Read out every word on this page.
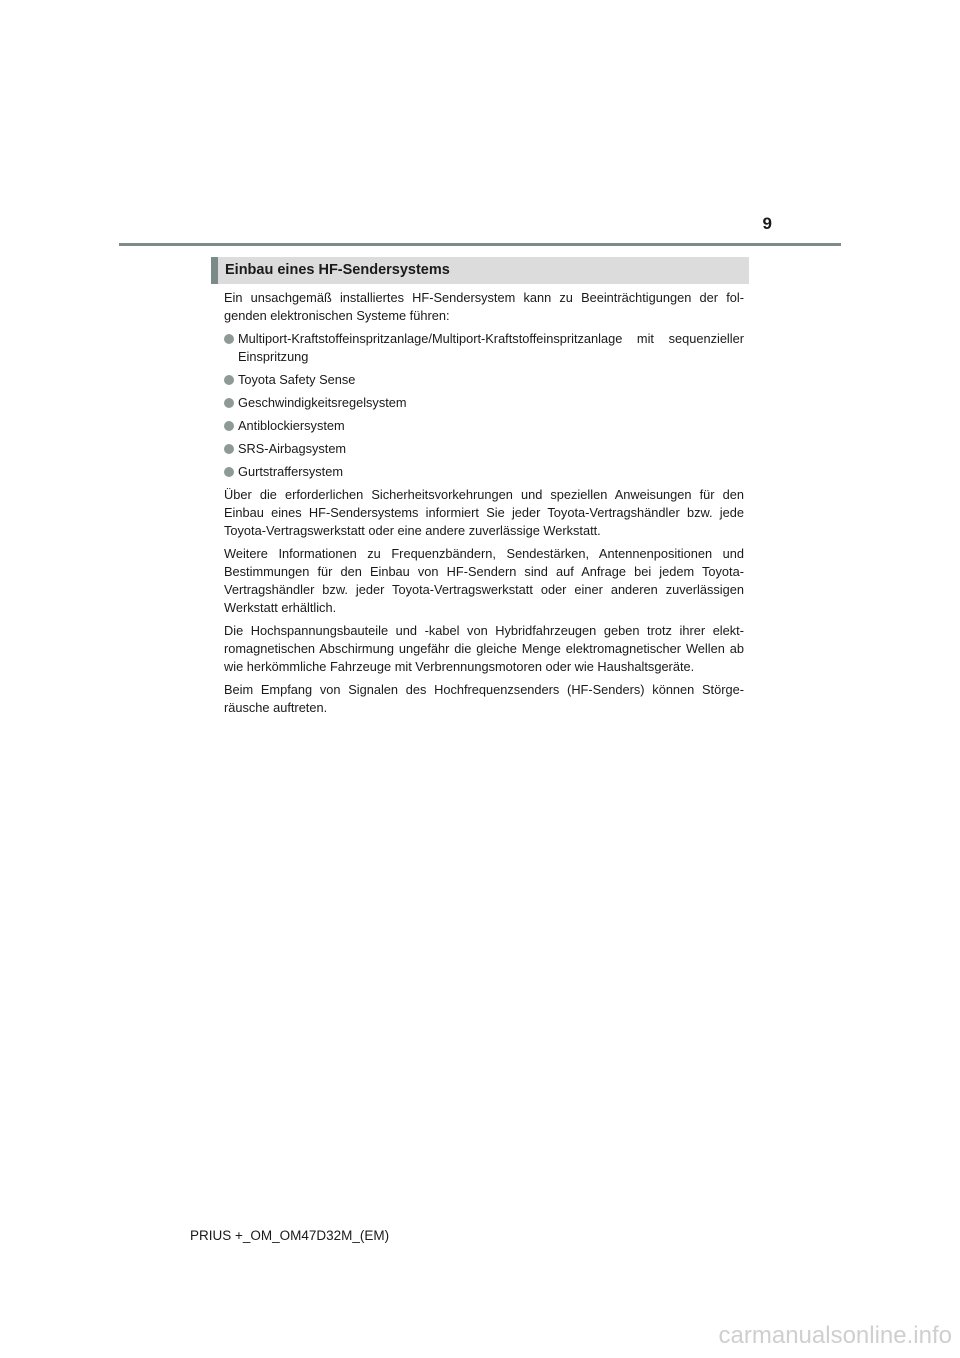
9
Einbau eines HF-Sendersystems

Ein unsachgemäß installiertes HF-Sendersystem kann zu Beeinträchtigungen der folgenden elektronischen Systeme führen:

Multiport-Kraftstoffeinspritzanlage/Multiport-Kraftstoffeinspritzanlage mit sequenzieller Einspritzung
Toyota Safety Sense
Geschwindigkeitsregelsystem
Antiblockiersystem
SRS-Airbagsystem
Gurtstraffersystem

Über die erforderlichen Sicherheitsvorkehrungen und speziellen Anweisungen für den Einbau eines HF-Sendersystems informiert Sie jeder Toyota-Vertragshändler bzw. jede Toyota-Vertragswerkstatt oder eine andere zuverlässige Werkstatt.

Weitere Informationen zu Frequenzbändern, Sendestärken, Antennenpositionen und Bestimmungen für den Einbau von HF-Sendern sind auf Anfrage bei jedem Toyota-Vertragshändler bzw. jeder Toyota-Vertragswerkstatt oder einer anderen zuverlässigen Werkstatt erhältlich.

Die Hochspannungsbauteile und -kabel von Hybridfahrzeugen geben trotz ihrer elektromagnetischen Abschirmung ungefähr die gleiche Menge elektromagnetischer Wellen ab wie herkömmliche Fahrzeuge mit Verbrennungsmotoren oder wie Haushaltsgeräte.

Beim Empfang von Signalen des Hochfrequenzsenders (HF-Senders) können Störgeräusche auftreten.

PRIUS +_OM_OM47D32M_(EM)
carmanualsonline.info
